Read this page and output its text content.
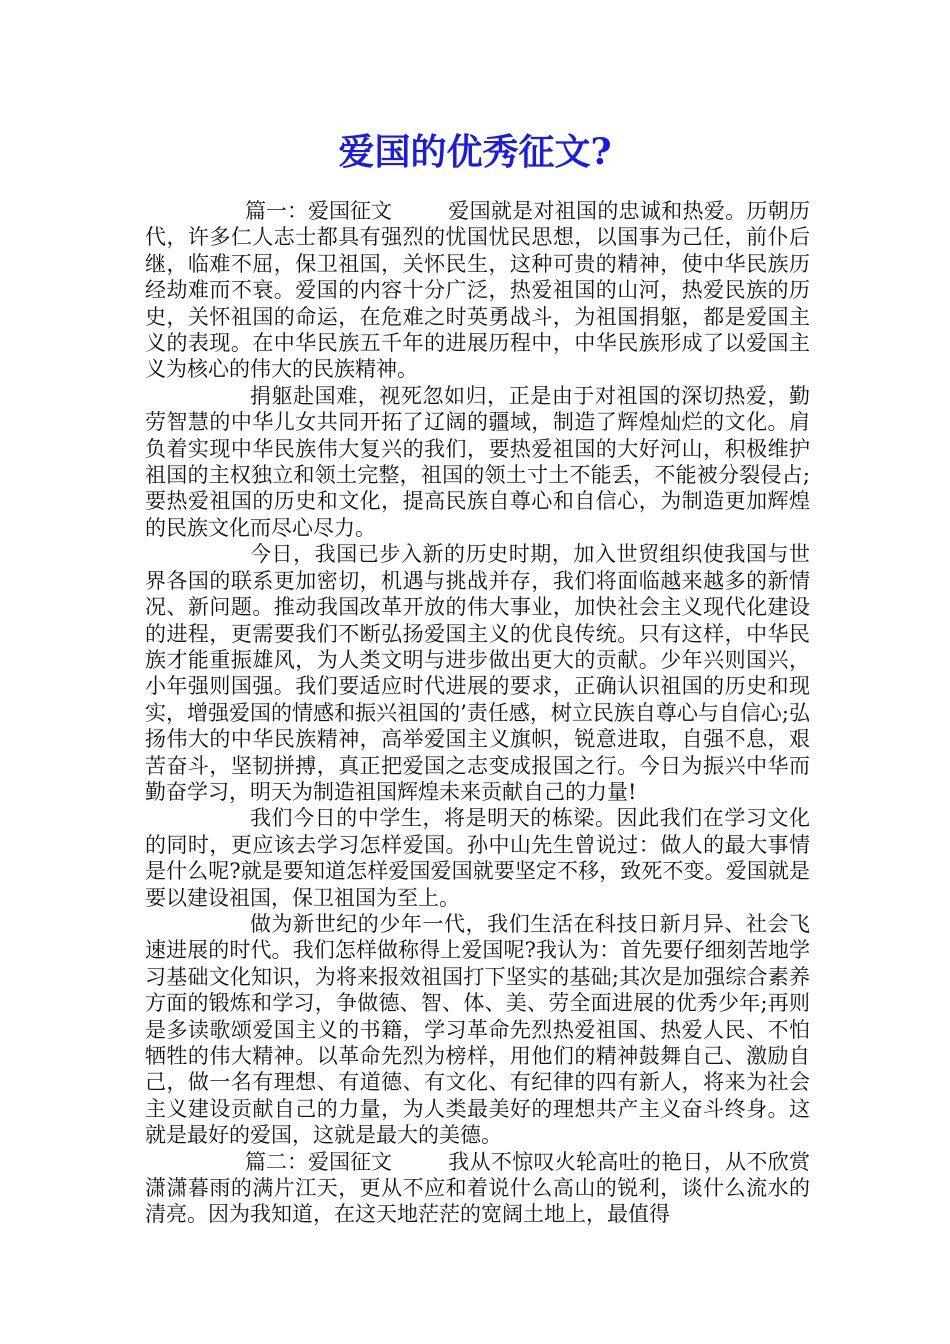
爱国的优秀征文?

篇一：爱国征文	爱国就是对祖国的忠诚和热爱。历朝历代，许多仁人志士都具有强烈的忧国忧民思想，以国事为己任，前仆后继，临难不屈，保卫祖国，关怀民生，这种可贵的精神，使中华民族历经劫难而不衰。爱国的内容十分广泛，热爱祖国的山河，热爱民族的历史，关怀祖国的命运，在危难之时英勇战斗，为祖国捐躯，都是爱国主义的表现。在中华民族五千年的进展历程中，中华民族形成了以爱国主义为核心的伟大的民族精神。

捐躯赴国难，视死忽如归，正是由于对祖国的深切热爱，勤劳智慧的中华儿女共同开拓了辽阔的疆域，制造了辉煌灿烂的文化。肩负着实现中华民族伟大复兴的我们，要热爱祖国的大好河山，积极维护祖国的主权独立和领土完整，祖国的领土寸土不能丢，不能被分裂侵占;要热爱祖国的历史和文化，提高民族自尊心和自信心，为制造更加辉煌的民族文化而尽心尽力。

今日，我国已步入新的历史时期，加入世贸组织使我国与世界各国的联系更加密切，机遇与挑战并存，我们将面临越来越多的新情况、新问题。推动我国改革开放的伟大事业，加快社会主义现代化建设的进程，更需要我们不断弘扬爱国主义的优良传统。只有这样，中华民族才能重振雄风，为人类文明与进步做出更大的贡献。少年兴则国兴，小年强则国强。我们要适应时代进展的要求，正确认识祖国的历史和现实，增强爱国的情感和振兴祖国的’责任感，树立民族自尊心与自信心;弘扬伟大的中华民族精神，高举爱国主义旗帜，锐意进取，自强不息，艰苦奋斗，坚韧拼搏，真正把爱国之志变成报国之行。今日为振兴中华而勤奋学习，明天为制造祖国辉煌未来贡献自己的力量!

我们今日的中学生，将是明天的栋梁。因此我们在学习文化的同时，更应该去学习怎样爱国。孙中山先生曾说过：做人的最大事情是什么呢?就是要知道怎样爱国爱国就要坚定不移，致死不变。爱国就是要以建设祖国，保卫祖国为至上。

做为新世纪的少年一代，我们生活在科技日新月异、社会飞速进展的时代。我们怎样做称得上爱国呢?我认为：首先要仔细刻苦地学习基础文化知识，为将来报效祖国打下坚实的基础;其次是加强综合素养方面的锻炼和学习，争做德、智、体、美、劳全面进展的优秀少年;再则是多读歌颂爱国主义的书籍，学习革命先烈热爱祖国、热爱人民、不怕牺牲的伟大精神。以革命先烈为榜样，用他们的精神鼓舞自己、激励自己，做一名有理想、有道德、有文化、有纪律的四有新人，将来为社会主义建设贡献自己的力量，为人类最美好的理想共产主义奋斗终身。这就是最好的爱国，这就是最大的美德。

篇二：爱国征文	我从不惊叹火轮高吐的艳日，从不欣赏潇潇暮雨的满片江天，更从不应和着说什么高山的锐利，谈什么流水的清亮。因为我知道，在这天地茫茫的宽阔土地上，最值得
